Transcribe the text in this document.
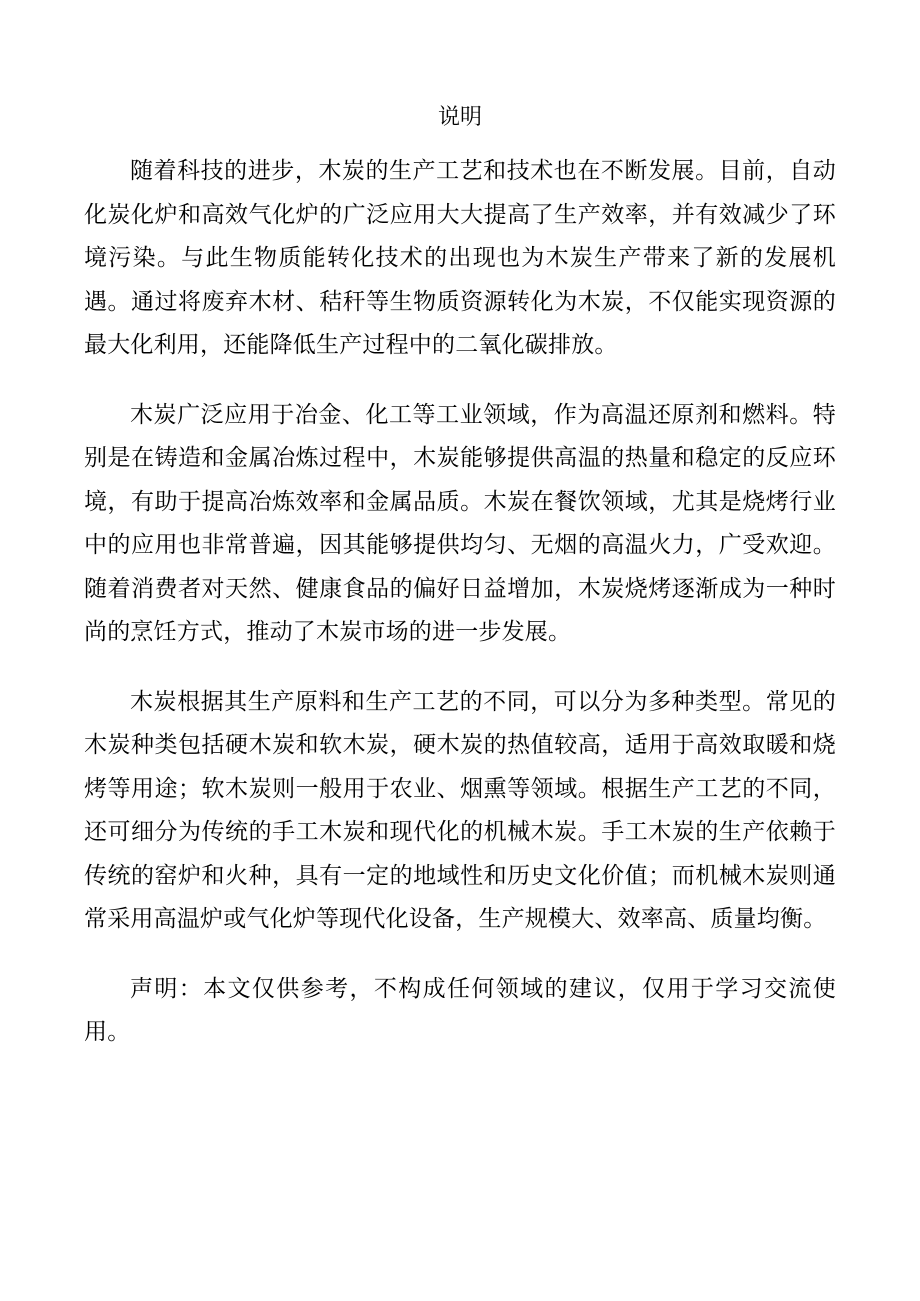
说明

随着科技的进步，木炭的生产工艺和技术也在不断发展。目前，自动化炭化炉和高效气化炉的广泛应用大大提高了生产效率，并有效减少了环境污染。与此生物质能转化技术的出现也为木炭生产带来了新的发展机遇。通过将废弃木材、秸秆等生物质资源转化为木炭，不仅能实现资源的最大化利用，还能降低生产过程中的二氧化碳排放。

木炭广泛应用于冶金、化工等工业领域，作为高温还原剂和燃料。特别是在铸造和金属冶炼过程中，木炭能够提供高温的热量和稳定的反应环境，有助于提高冶炼效率和金属品质。木炭在餐饮领域，尤其是烧烤行业中的应用也非常普遍，因其能够提供均匀、无烟的高温火力，广受欢迎。随着消费者对天然、健康食品的偏好日益增加，木炭烧烤逐渐成为一种时尚的烹饪方式，推动了木炭市场的进一步发展。

木炭根据其生产原料和生产工艺的不同，可以分为多种类型。常见的木炭种类包括硬木炭和软木炭，硬木炭的热值较高，适用于高效取暖和烧烤等用途；软木炭则一般用于农业、烟熏等领域。根据生产工艺的不同，还可细分为传统的手工木炭和现代化的机械木炭。手工木炭的生产依赖于传统的窑炉和火种，具有一定的地域性和历史文化价值；而机械木炭则通常采用高温炉或气化炉等现代化设备，生产规模大、效率高、质量均衡。

声明：本文仅供参考，不构成任何领域的建议，仅用于学习交流使用。
